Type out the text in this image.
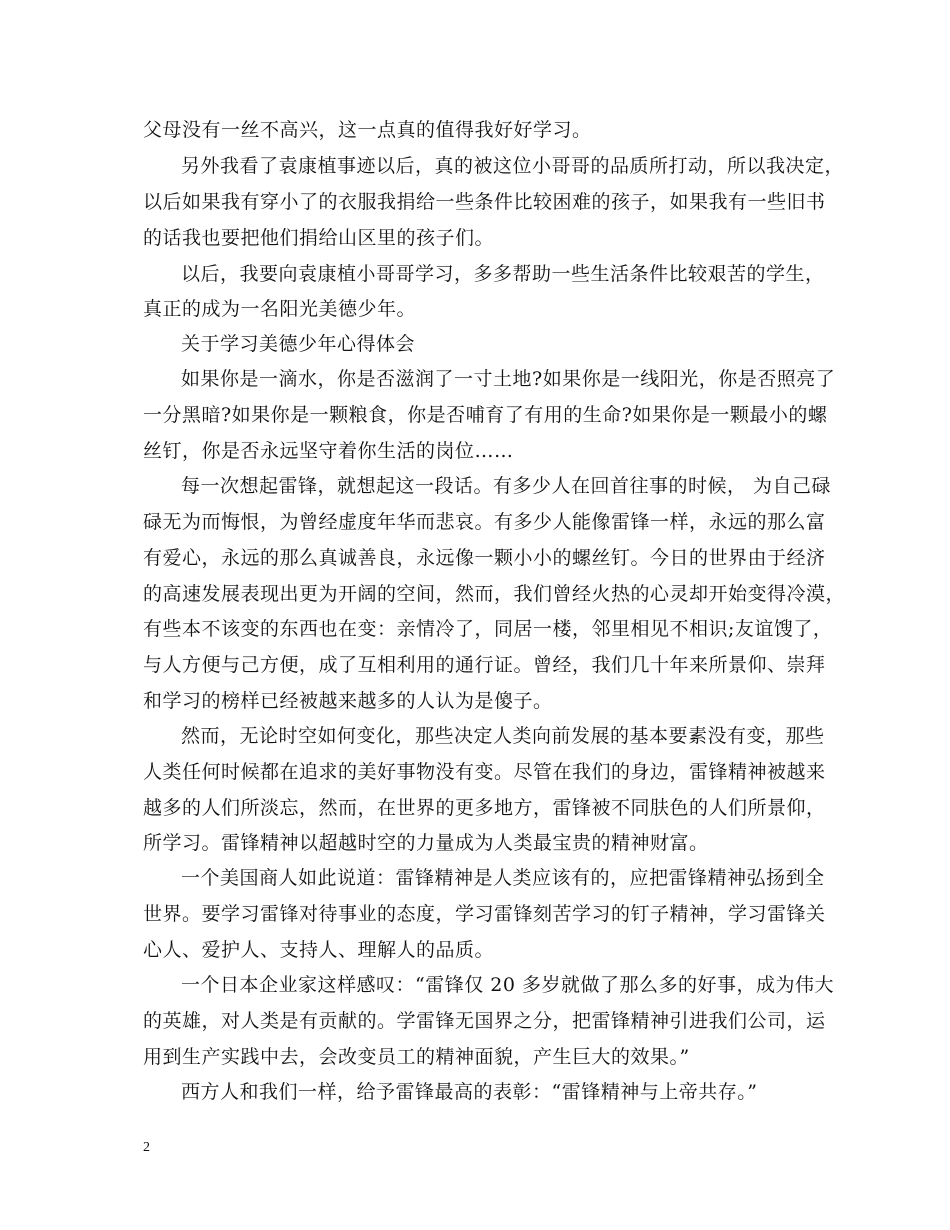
父母没有一丝不高兴，这一点真的值得我好好学习。
另外我看了袁康植事迹以后，真的被这位小哥哥的品质所打动，所以我决定，
以后如果我有穿小了的衣服我捐给一些条件比较困难的孩子，如果我有一些旧书
的话我也要把他们捐给山区里的孩子们。
以后，我要向袁康植小哥哥学习，多多帮助一些生活条件比较艰苦的学生，
真正的成为一名阳光美德少年。
关于学习美德少年心得体会
如果你是一滴水，你是否滋润了一寸土地?如果你是一线阳光，你是否照亮了
一分黑暗?如果你是一颗粮食，你是否哺育了有用的生命?如果你是一颗最小的螺
丝钉，你是否永远坚守着你生活的岗位……
每一次想起雷锋，就想起这一段话。有多少人在回首往事的时候， 为自己碌
碌无为而悔恨，为曾经虚度年华而悲哀。有多少人能像雷锋一样，永远的那么富
有爱心，永远的那么真诚善良，永远像一颗小小的螺丝钉。今日的世界由于经济
的高速发展表现出更为开阔的空间，然而，我们曾经火热的心灵却开始变得冷漠，
有些本不该变的东西也在变：亲情冷了，同居一楼，邻里相见不相识;友谊馊了，
与人方便与己方便，成了互相利用的通行证。曾经，我们几十年来所景仰、崇拜
和学习的榜样已经被越来越多的人认为是傻子。
然而，无论时空如何变化，那些决定人类向前发展的基本要素没有变，那些
人类任何时候都在追求的美好事物没有变。尽管在我们的身边，雷锋精神被越来
越多的人们所淡忘，然而，在世界的更多地方，雷锋被不同肤色的人们所景仰，
所学习。雷锋精神以超越时空的力量成为人类最宝贵的精神财富。
一个美国商人如此说道：雷锋精神是人类应该有的，应把雷锋精神弘扬到全
世界。要学习雷锋对待事业的态度，学习雷锋刻苦学习的钉子精神，学习雷锋关
心人、爱护人、支持人、理解人的品质。
一个日本企业家这样感叹：“雷锋仅 20 多岁就做了那么多的好事，成为伟大
的英雄，对人类是有贡献的。学雷锋无国界之分，把雷锋精神引进我们公司，运
用到生产实践中去，会改变员工的精神面貌，产生巨大的效果。”
西方人和我们一样，给予雷锋最高的表彰：“雷锋精神与上帝共存。”
2
